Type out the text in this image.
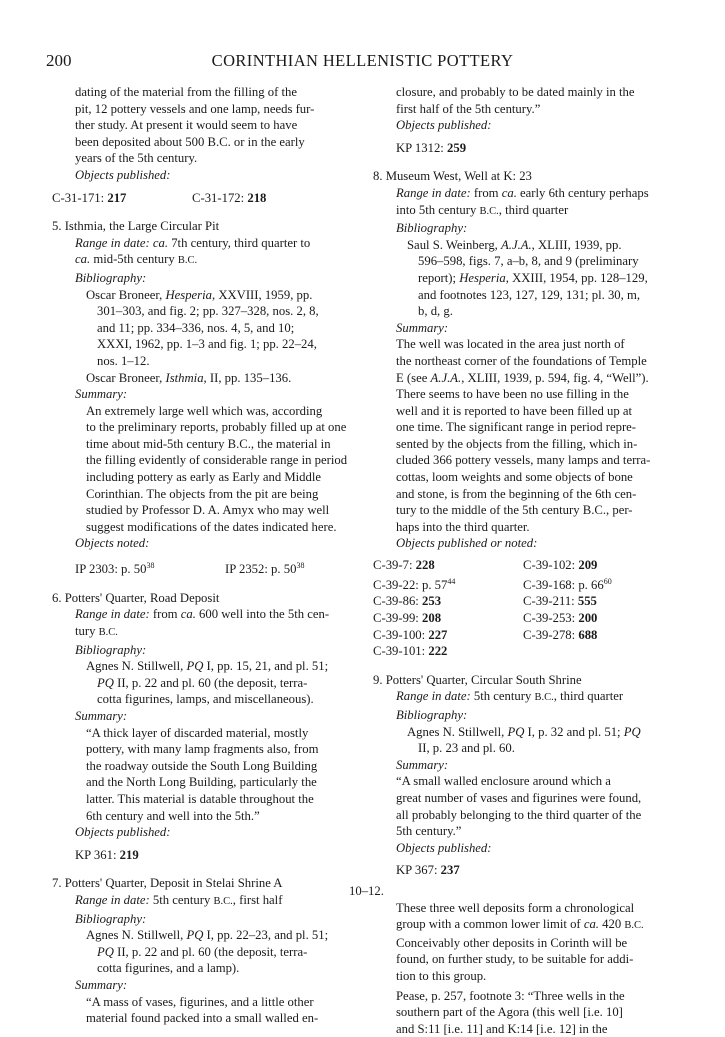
200	CORINTHIAN HELLENISTIC POTTERY

dating of the material from the filling of the

pit, 12 pottery vessels and one lamp, needs fur-

ther study. At present it would seem to have

been deposited about 500 B.C. or in the early

years of the 5th century.

Objects published:

C-31-171: 217	C-31-172: 218

5. Isthmia, the Large Circular Pit

Range in date: ca. 7th century, third quarter to

ca. mid-5th century B.C.

Bibliography:

Oscar Broneer, Hesperia, XXVIII, 1959, pp.

301–303, and fig. 2; pp. 327–328, nos. 2, 8,

and 11; pp. 334–336, nos. 4, 5, and 10;

XXXI, 1962, pp. 1–3 and fig. 1; pp. 22–24,

nos. 1–12.

Oscar Broneer, Isthmia, II, pp. 135–136.

Summary:

An extremely large well which was, according

to the preliminary reports, probably filled up at one

time about mid-5th century B.C., the material in

the filling evidently of considerable range in period

including pottery as early as Early and Middle

Corinthian. The objects from the pit are being

studied by Professor D. A. Amyx who may well

suggest modifications of the dates indicated here.

Objects noted:

IP 2303: p. $50^{38}$	IP 2352: p. $50^{38}$

6. Potters' Quarter, Road Deposit

Range in date: from ca. 600 well into the 5th cen-

tury B.C.

Bibliography:

Agnes N. Stillwell, PQ I, pp. 15, 21, and pl. 51;

PQ II, p. 22 and pl. 60 (the deposit, terra-

cotta figurines, lamps, and miscellaneous).

Summary:

“A thick layer of discarded material, mostly

pottery, with many lamp fragments also, from

the roadway outside the South Long Building

and the North Long Building, particularly the

latter. This material is datable throughout the

6th century and well into the 5th.”

Objects published:

KP 361: 219

7. Potters' Quarter, Deposit in Stelai Shrine A

Range in date: 5th century B.C., first half

Bibliography:

Agnes N. Stillwell, PQ I, pp. 22–23, and pl. 51;

PQ II, p. 22 and pl. 60 (the deposit, terra-

cotta figurines, and a lamp).

Summary:

“A mass of vases, figurines, and a little other

material found packed into a small walled en-

closure, and probably to be dated mainly in the

first half of the 5th century.”

Objects published:

KP 1312: 259

8. Museum West, Well at K: 23

Range in date: from ca. early 6th century perhaps

into 5th century B.C., third quarter

Bibliography:

Saul S. Weinberg, A.J.A., XLIII, 1939, pp.

596–598, figs. 7, a–b, 8, and 9 (preliminary

report); Hesperia, XXIII, 1954, pp. 128–129,

and footnotes 123, 127, 129, 131; pl. 30, m,

b, d, g.

Summary:

The well was located in the area just north of

the northeast corner of the foundations of Temple

E (see A.J.A., XLIII, 1939, p. 594, fig. 4, “Well”).

There seems to have been no use filling in the

well and it is reported to have been filled up at

one time. The significant range in period repre-

sented by the objects from the filling, which in-

cluded 366 pottery vessels, many lamps and terra-

cottas, loom weights and some objects of bone

and stone, is from the beginning of the 6th cen-

tury to the middle of the 5th century B.C., per-

haps into the third quarter.

Objects published or noted:

C-39-7: 228	C-39-102: 209
C-39-22: p. $57^{44}$	C-39-168: p. $66^{60}$
C-39-86: 253	C-39-211: 555
C-39-99: 208	C-39-253: 200
C-39-100: 227	C-39-278: 688
C-39-101: 222

9. Potters' Quarter, Circular South Shrine

Range in date: 5th century B.C., third quarter

Bibliography:

Agnes N. Stillwell, PQ I, p. 32 and pl. 51; PQ

II, p. 23 and pl. 60.

Summary:

“A small walled enclosure around which a

great number of vases and figurines were found,

all probably belonging to the third quarter of the

5th century.”

Objects published:

KP 367: 237

10–12.

These three well deposits form a chronological

group with a common lower limit of ca. 420 B.C.

Conceivably other deposits in Corinth will be

found, on further study, to be suitable for addi-

tion to this group.

Pease, p. 257, footnote 3: “Three wells in the

southern part of the Agora (this well [i.e. 10]

and S:11 [i.e. 11] and K:14 [i.e. 12] in the
